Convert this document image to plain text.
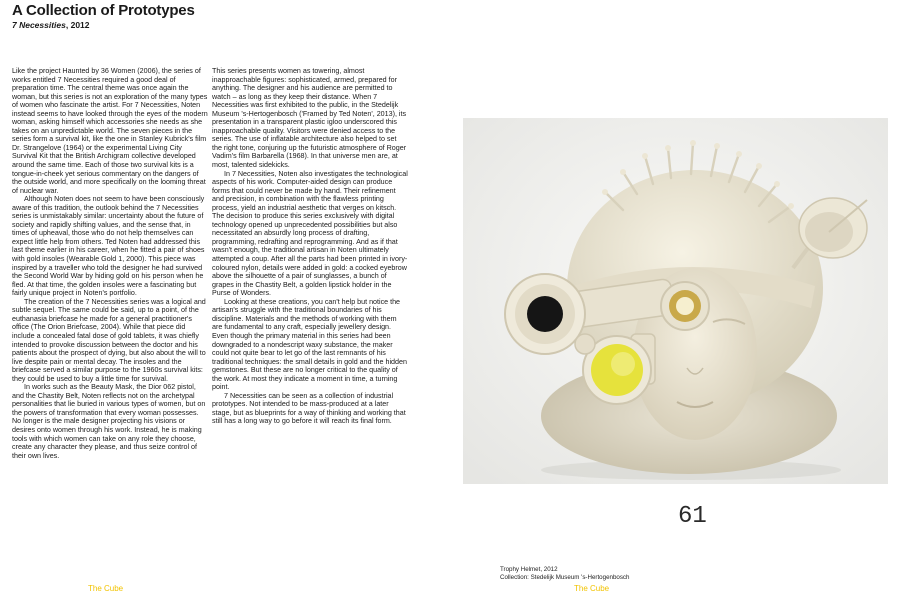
A Collection of Prototypes
7 Necessities, 2012

Like the project Haunted by 36 Women (2006), the series of works entitled 7 Necessities required a good deal of preparation time. The central theme was once again the woman, but this series is not an exploration of the many types of women who fascinate the artist. For 7 Necessities, Noten instead seems to have looked through the eyes of the modern woman, asking himself which accessories she needs as she takes on an unpredictable world. The seven pieces in the series form a survival kit, like the one in Stanley Kubrick's film Dr. Strangelove (1964) or the experimental Living City Survival Kit that the British Archigram collective developed around the same time. Each of those two survival kits is a tongue-in-cheek yet serious commentary on the dangers of the outside world, and more specifically on the looming threat of nuclear war.

Although Noten does not seem to have been consciously aware of this tradition, the outlook behind the 7 Necessities series is unmistakably similar: uncertainty about the future of society and rapidly shifting values, and the sense that, in times of upheaval, those who do not help themselves can expect little help from others. Ted Noten had addressed this last theme earlier in his career, when he fitted a pair of shoes with gold insoles (Wearable Gold 1, 2000). This piece was inspired by a traveller who told the designer he had survived the Second World War by hiding gold on his person when he fled. At that time, the golden insoles were a fascinating but fairly unique project in Noten's portfolio.

The creation of the 7 Necessities series was a logical and subtle sequel. The same could be said, up to a point, of the euthanasia briefcase he made for a general practitioner's office (The Orion Briefcase, 2004). While that piece did include a concealed fatal dose of gold tablets, it was chiefly intended to provoke discussion between the doctor and his patients about the prospect of dying, but also about the will to live despite pain or mental decay. The insoles and the briefcase served a similar purpose to the 1960s survival kits: they could be used to buy a little time for survival.

In works such as the Beauty Mask, the Dior 062 pistol, and the Chastity Belt, Noten reflects not on the archetypal personalities that lie buried in various types of women, but on the powers of transformation that every woman possesses. No longer is the male designer projecting his visions or desires onto women through his work. Instead, he is making tools with which women can take on any role they choose, create any character they please, and thus seize control of their own lives.

This series presents women as towering, almost inapproachable figures: sophisticated, armed, prepared for anything. The designer and his audience are permitted to watch – as long as they keep their distance. When 7 Necessities was first exhibited to the public, in the Stedelijk Museum 's-Hertogenbosch ('Framed by Ted Noten', 2013), its presentation in a transparent plastic igloo underscored this inapproachable quality. Visitors were denied access to the series. The use of inflatable architecture also helped to set the right tone, conjuring up the futuristic atmosphere of Roger Vadim's film Barbarella (1968). In that universe men are, at most, talented sidekicks.

In 7 Necessities, Noten also investigates the technological aspects of his work. Computer-aided design can produce forms that could never be made by hand. Their refinement and precision, in combination with the flawless printing process, yield an industrial aesthetic that verges on kitsch. The decision to produce this series exclusively with digital technology opened up unprecedented possibilities but also necessitated an absurdly long process of drafting, programming, redrafting and reprogramming. And as if that wasn't enough, the traditional artisan in Noten ultimately attempted a coup. After all the parts had been printed in ivory-coloured nylon, details were added in gold: a cocked eyebrow above the silhouette of a pair of sunglasses, a bunch of grapes in the Chastity Belt, a golden lipstick holder in the Purse of Wonders.

Looking at these creations, you can't help but notice the artisan's struggle with the traditional boundaries of his discipline. Materials and the methods of working with them are fundamental to any craft, especially jewellery design. Even though the primary material in this series had been downgraded to a nondescript waxy substance, the maker could not quite bear to let go of the last remnants of his traditional techniques: the small details in gold and the hidden gemstones. But these are no longer critical to the quality of the work. At most they indicate a moment in time, a turning point.

7 Necessities can be seen as a collection of industrial prototypes. Not intended to be mass-produced at a later stage, but as blueprints for a way of thinking and working that still has a long way to go before it will reach its final form.

61
Trophy Helmet, 2012
Collection: Stedelijk Museum 's-Hertogenbosch
The Cube	The Cube
